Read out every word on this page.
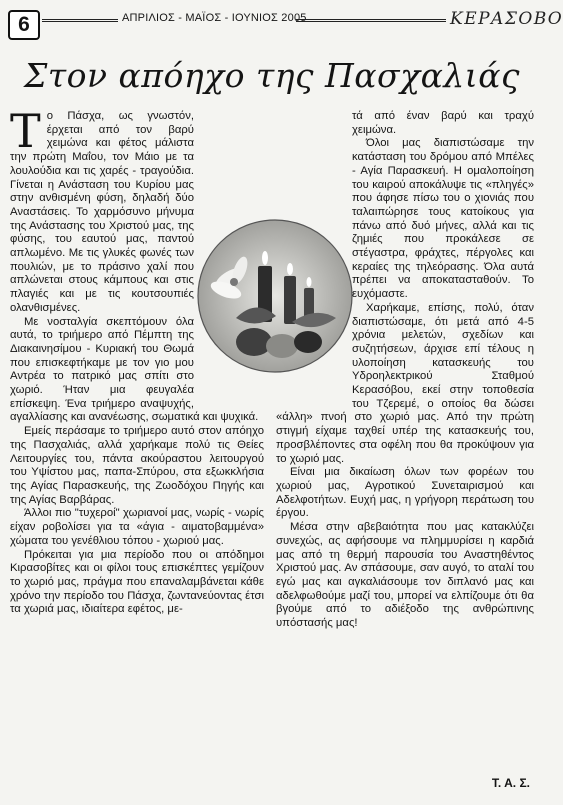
6	ΑΠΡΙΛΙΟΣ - ΜΑΪΟΣ - ΙΟΥΝΙΟΣ 2005	ΚΕΡΑΣΟΒΟ
Στον απόηχο της Πασχαλιάς

Το Πάσχα, ως γνωστόν, έρχεται από τον βαρύ χειμώνα και φέτος μάλιστα την πρώτη Μαΐου, τον Μάιο με τα λουλούδια και τις χαρές - τραγούδια. Γίνεται η Ανάσταση του Κυρίου μας στην ανθισμένη φύση, δηλαδή δύο Αναστάσεις. Το χαρμόσυνο μήνυμα της Ανάστασης του Χριστού μας, της φύσης, του εαυτού μας, παντού απλωμένο. Με τις γλυκές φωνές των πουλιών, με το πράσινο χαλί που απλώνεται στους κάμπους και στις πλαγιές και με τις κουτσουπιές ολανθισμένες.

Με νοσταλγία σκεπτόμουν όλα αυτά, το τριήμερο από Πέμπτη της Διακαινησίμου - Κυριακή του Θωμά που επισκεφτήκαμε με τον γιο μου Αντρέα το πατρικό μας σπίτι στο χωριό. Ήταν μια φευγαλέα επίσκεψη. Ένα τριήμερο αναψυχής, αγαλλίασης και ανανέωσης, σωματικά και ψυχικά.

Εμείς περάσαμε το τριήμερο αυτό στον απόηχο της Πασχαλιάς, αλλά χαρήκαμε πολύ τις Θείες Λειτουργίες του, πάντα ακούραστου λειτουργού του Υψίστου μας, παπα-Σπύρου, στα εξωκκλήσια της Αγίας Παρασκευής, της Ζωοδόχου Πηγής και της Αγίας Βαρβάρας.

Άλλοι πιο "τυχεροί" χωριανοί μας, νωρίς - νωρίς είχαν ροβολίσει για τα «άγια - αιματοβαμμένα» χώματα του γενέθλιου τόπου - χωριού μας.

Πρόκειται για μια περίοδο που οι απόδημοι Κιρασοβίτες και οι φίλοι τους επισκέπτες γεμίζουν το χωριό μας, πράγμα που επαναλαμβάνεται κάθε χρόνο την περίοδο του Πάσχα, ζωντανεύοντας έτσι τα χωριά μας, ιδιαίτερα εφέτος, με-

τά από έναν βαρύ και τραχύ χειμώνα.

Όλοι μας διαπιστώσαμε την κατάσταση του δρόμου από Μπέλες - Αγία Παρασκευή. Η ομαλοποίηση του καιρού αποκάλυψε τις «πληγές» που άφησε πίσω του ο χιονιάς που ταλαιπώρησε τους κατοίκους για πάνω από δυό μήνες, αλλά και τις ζημιές που προκάλεσε σε στέγαστρα, φράχτες, πέργολες και κεραίες της τηλεόρασης. Όλα αυτά πρέπει να αποκατασταθούν. Το ευχόμαστε.

Χαρήκαμε, επίσης, πολύ, όταν διαπιστώσαμε, ότι μετά από 4-5 χρόνια μελετών, σχεδίων και συζητήσεων, άρχισε επί τέλους η υλοποίηση κατασκευής του Υδροηλεκτρικού Σταθμού Κερασόβου, εκεί στην τοποθεσία του Τζερεμέ, ο οποίος θα δώσει «άλλη» πνοή στο χωριό μας. Από την πρώτη στιγμή είχαμε ταχθεί υπέρ της κατασκευής του, προσβλέποντες στα οφέλη που θα προκύψουν για το χωριό μας.

Είναι μια δικαίωση όλων των φορέων του χωριού μας, Αγροτικού Συνεταιρισμού και Αδελφοτήτων. Ευχή μας, η γρήγορη περάτωση του έργου.

Μέσα στην αβεβαιότητα που μας κατακλύζει συνεχώς, ας αφήσουμε να πλημμυρίσει η καρδιά μας από τη θερμή παρουσία του Αναστηθέντος Χριστού μας. Αν σπάσουμε, σαν αυγό, το αταλί του εγώ μας και αγκαλιάσουμε τον διπλανό μας και αδελφωθούμε μαζί του, μπορεί να ελπίζουμε ότι θα βγούμε από το αδιέξοδο της ανθρώπινης υπόστασής μας!

Τ. Α. Σ.
